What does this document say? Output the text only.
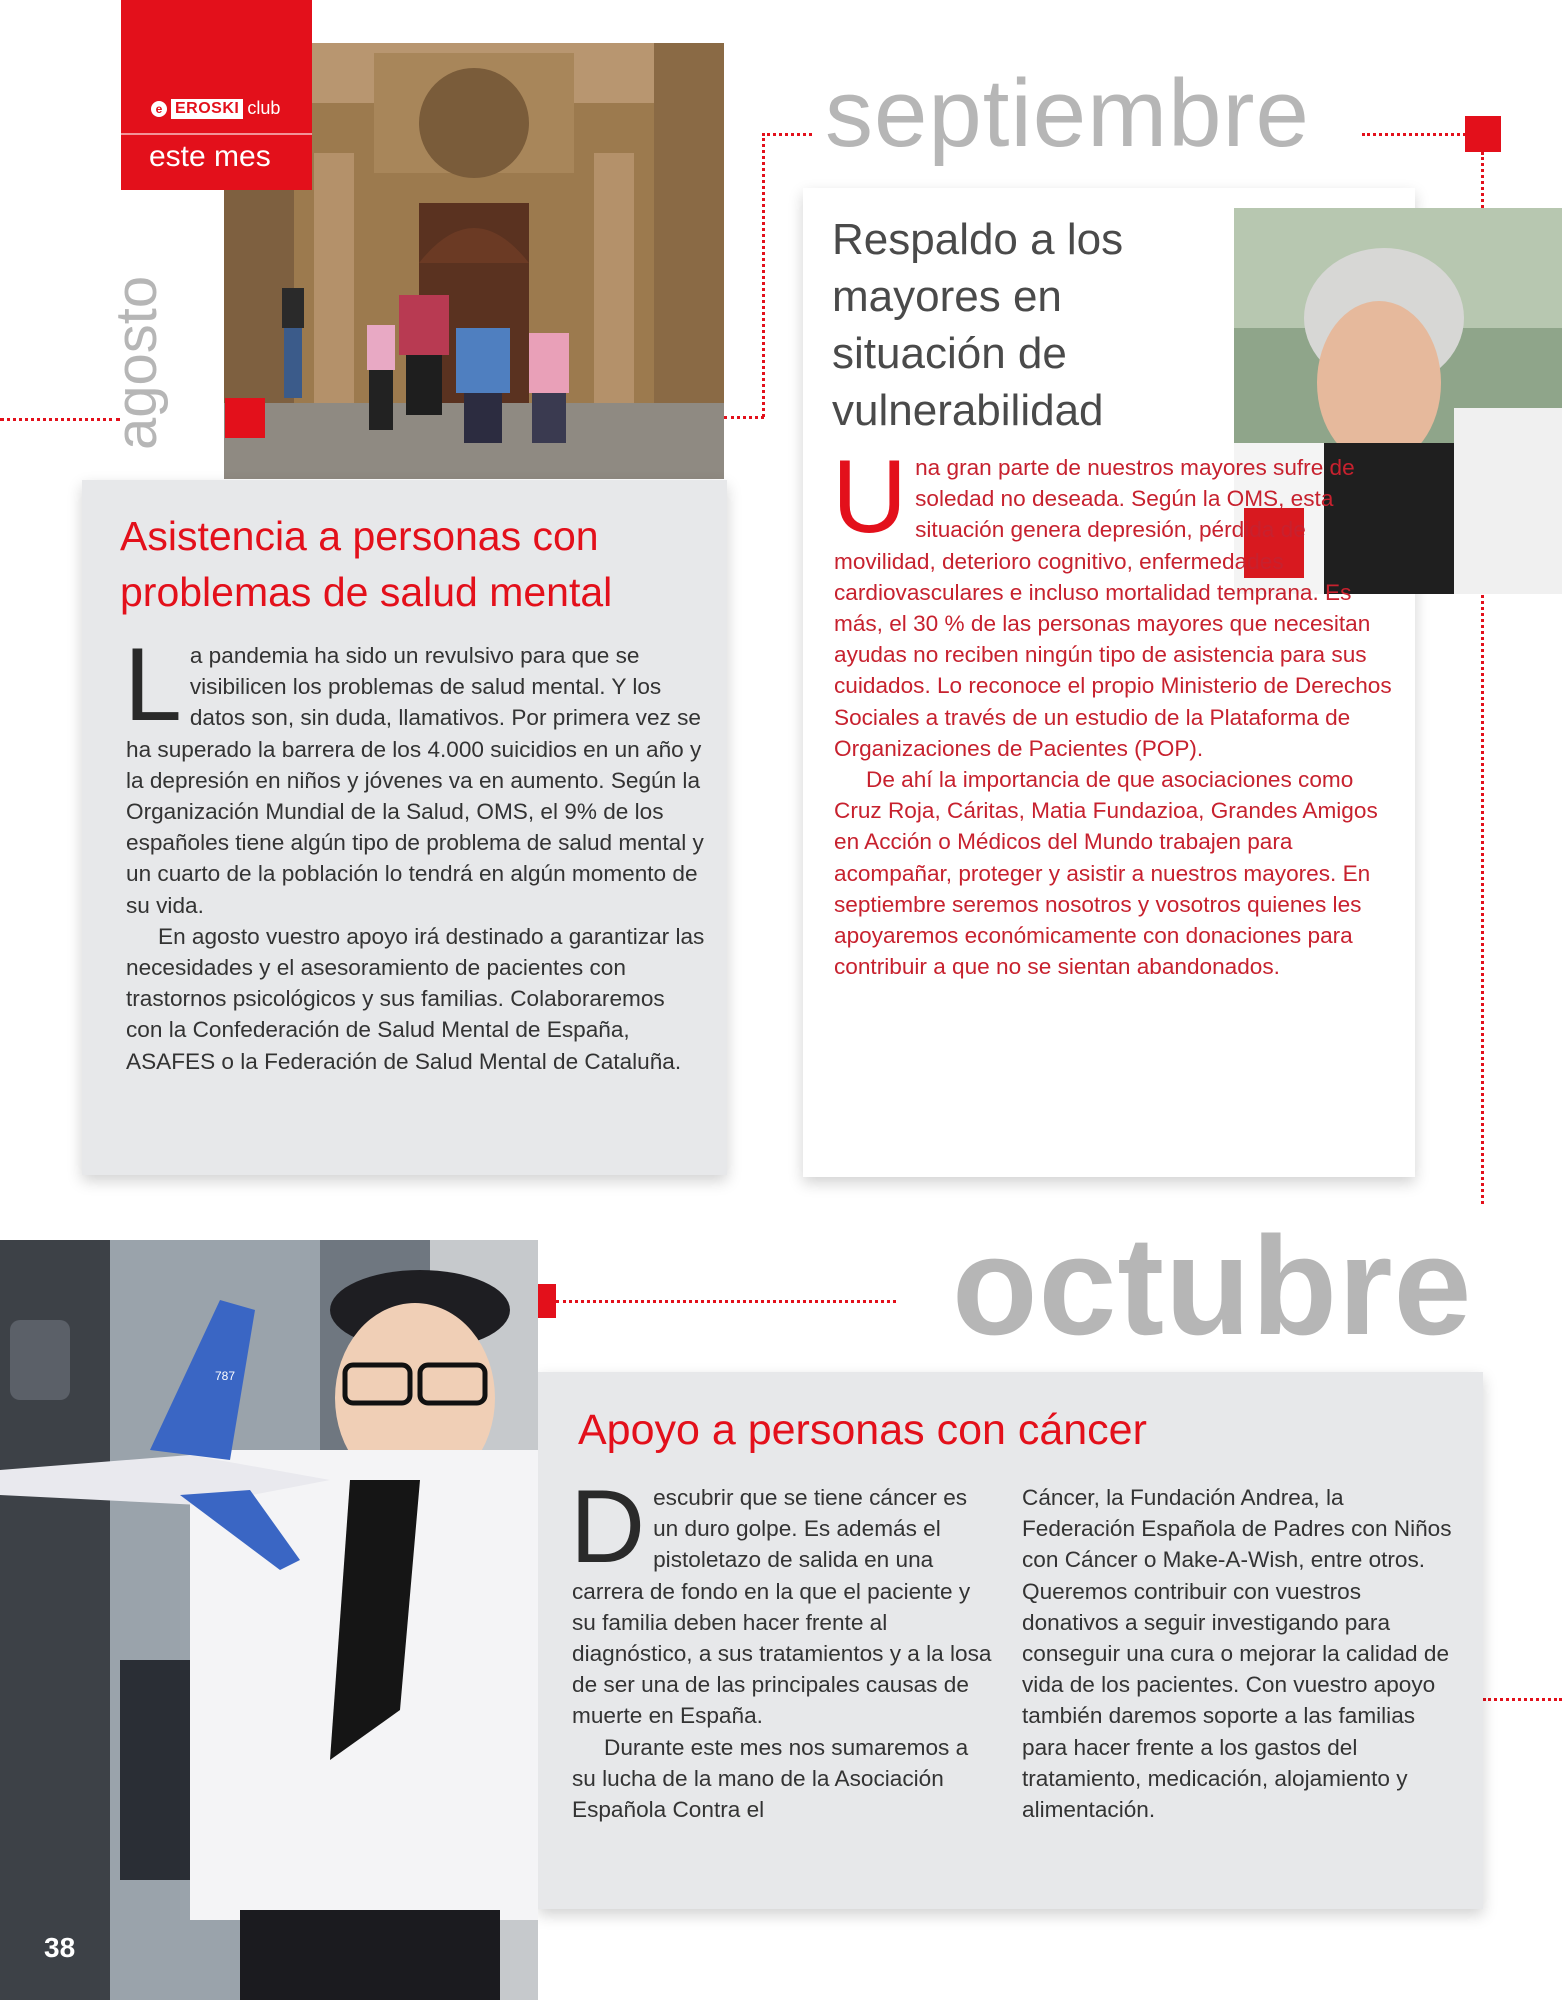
septiembre
octubre
agosto
e EROSKI club
este mes
Asistencia a personas con problemas de salud mental

La pandemia ha sido un revulsivo para que se visibilicen los problemas de salud mental. Y los datos son, sin duda, llamativos. Por primera vez se ha superado la barrera de los 4.000 suicidios en un año y la depresión en niños y jóvenes va en aumento. Según la Organización Mundial de la Salud, OMS, el 9% de los españoles tiene algún tipo de problema de salud mental y un cuarto de la población lo tendrá en algún momento de su vida.

En agosto vuestro apoyo irá destinado a garantizar las necesidades y el asesoramiento de pacientes con trastornos psicológicos y sus familias. Colaboraremos con la Confederación de Salud Mental de España, ASAFES o la Federación de Salud Mental de Cataluña.

Respaldo a los mayores en situación de vulnerabilidad

Una gran parte de nuestros mayores sufre de soledad no deseada. Según la OMS, esta situación genera depresión, pérdida de movilidad, deterioro cognitivo, enfermedades cardiovasculares e incluso mortalidad temprana. Es más, el 30 % de las personas mayores que necesitan ayudas no reciben ningún tipo de asistencia para sus cuidados. Lo reconoce el propio Ministerio de Derechos Sociales a través de un estudio de la Plataforma de Organizaciones de Pacientes (POP).

De ahí la importancia de que asociaciones como Cruz Roja, Cáritas, Matia Fundazioa, Grandes Amigos en Acción o Médicos del Mundo trabajen para acompañar, proteger y asistir a nuestros mayores. En septiembre seremos nosotros y vosotros quienes les apoyaremos económicamente con donaciones para contribuir a que no se sientan abandonados.

Apoyo a personas con cáncer

Descubrir que se tiene cáncer es un duro golpe. Es además el pistoletazo de salida en una carrera de fondo en la que el paciente y su familia deben hacer frente al diagnóstico, a sus tratamientos y a la losa de ser una de las principales causas de muerte en España.

Durante este mes nos sumaremos a su lucha de la mano de la Asociación Española Contra el

Cáncer, la Fundación Andrea, la Federación Española de Padres con Niños con Cáncer o Make-A-Wish, entre otros. Queremos contribuir con vuestros donativos a seguir investigando para conseguir una cura o mejorar la calidad de vida de los pacientes. Con vuestro apoyo también daremos soporte a las familias para hacer frente a los gastos del tratamiento, medicación, alojamiento y alimentación.

787
38
